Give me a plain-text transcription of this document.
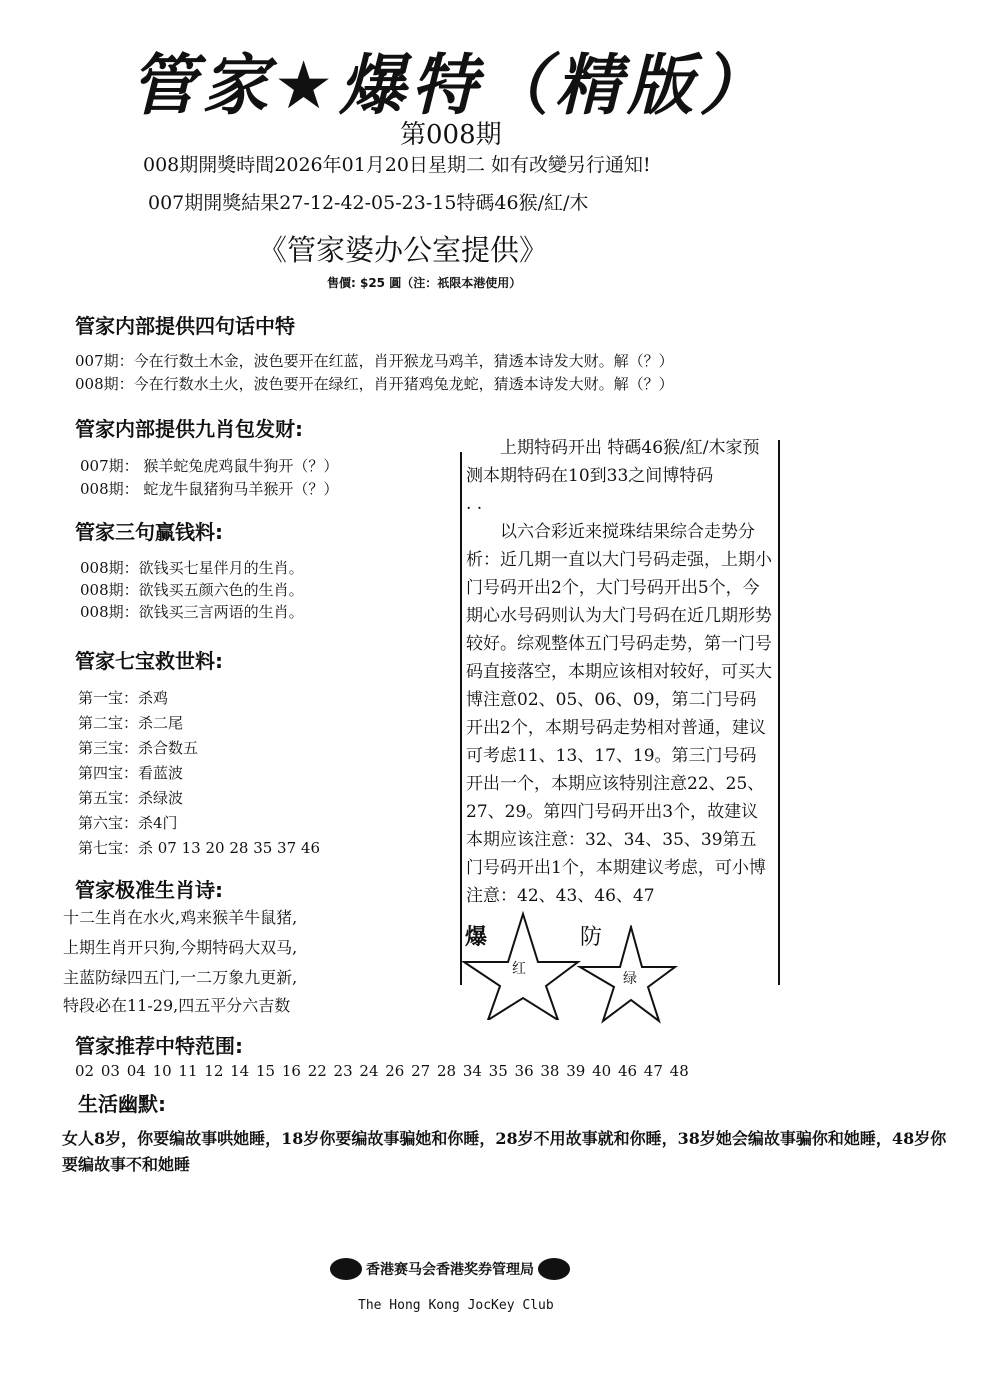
管家★爆特（精版）
第008期
008期開獎時間2026年01月20日星期二 如有改變另行通知!
007期開獎結果27-12-42-05-23-15特碼46猴/紅/木
《管家婆办公室提供》
售價: $25 圓（注：祇限本港使用）
管家内部提供四句话中特
007期：今在行数土木金，波色要开在红蓝，肖开猴龙马鸡羊，猜透本诗发大财。解（？）
008期：今在行数水土火，波色要开在绿红，肖开猪鸡兔龙蛇，猜透本诗发大财。解（？）
管家内部提供九肖包发财:
007期： 猴羊蛇兔虎鸡鼠牛狗开（？）
008期： 蛇龙牛鼠猪狗马羊猴开（？）
管家三句赢钱料:
008期：欲钱买七星伴月的生肖。
008期：欲钱买五颜六色的生肖。
008期：欲钱买三言两语的生肖。
管家七宝救世料:
第一宝：杀鸡
第二宝：杀二尾
第三宝：杀合数五
第四宝：看蓝波
第五宝：杀绿波
第六宝：杀4门
第七宝：杀 07 13 20 28 35 37 46
管家极准生肖诗:
十二生肖在水火,鸡来猴羊牛鼠猪,
上期生肖开只狗,今期特码大双马,
主蓝防绿四五门,一二万象九更新,
特段必在11-29,四五平分六吉数

上期特码开出 特碼46猴/紅/木家预测本期特码在10到33之间博特码

. .

以六合彩近来搅珠结果综合走势分析：近几期一直以大门号码走强，上期小门号码开出2个，大门号码开出5个，今期心水号码则认为大门号码在近几期形势较好。综观整体五门号码走势，第一门号码直接落空，本期应该相对较好，可买大博注意02、05、06、09，第二门号码开出2个，本期号码走势相对普通，建议可考虑11、13、17、19。第三门号码开出一个，本期应该特别注意22、25、27、29。第四门号码开出3个，故建议本期应该注意：32、34、35、39第五门号码开出1个，本期建议考虑，可小博注意：42、43、46、47

爆
红
防
绿
管家推荐中特范围:
02 03 04 10 11 12 14 15 16 22 23 24 26 27 28 34 35 36 38 39 40 46 47 48
生活幽默:
女人8岁，你要编故事哄她睡，18岁你要编故事骗她和你睡，28岁不用故事就和你睡，38岁她会编故事骗你和她睡，48岁你要编故事不和她睡
香港赛马会香港奖券管理局
The Hong Kong JocKey Club
